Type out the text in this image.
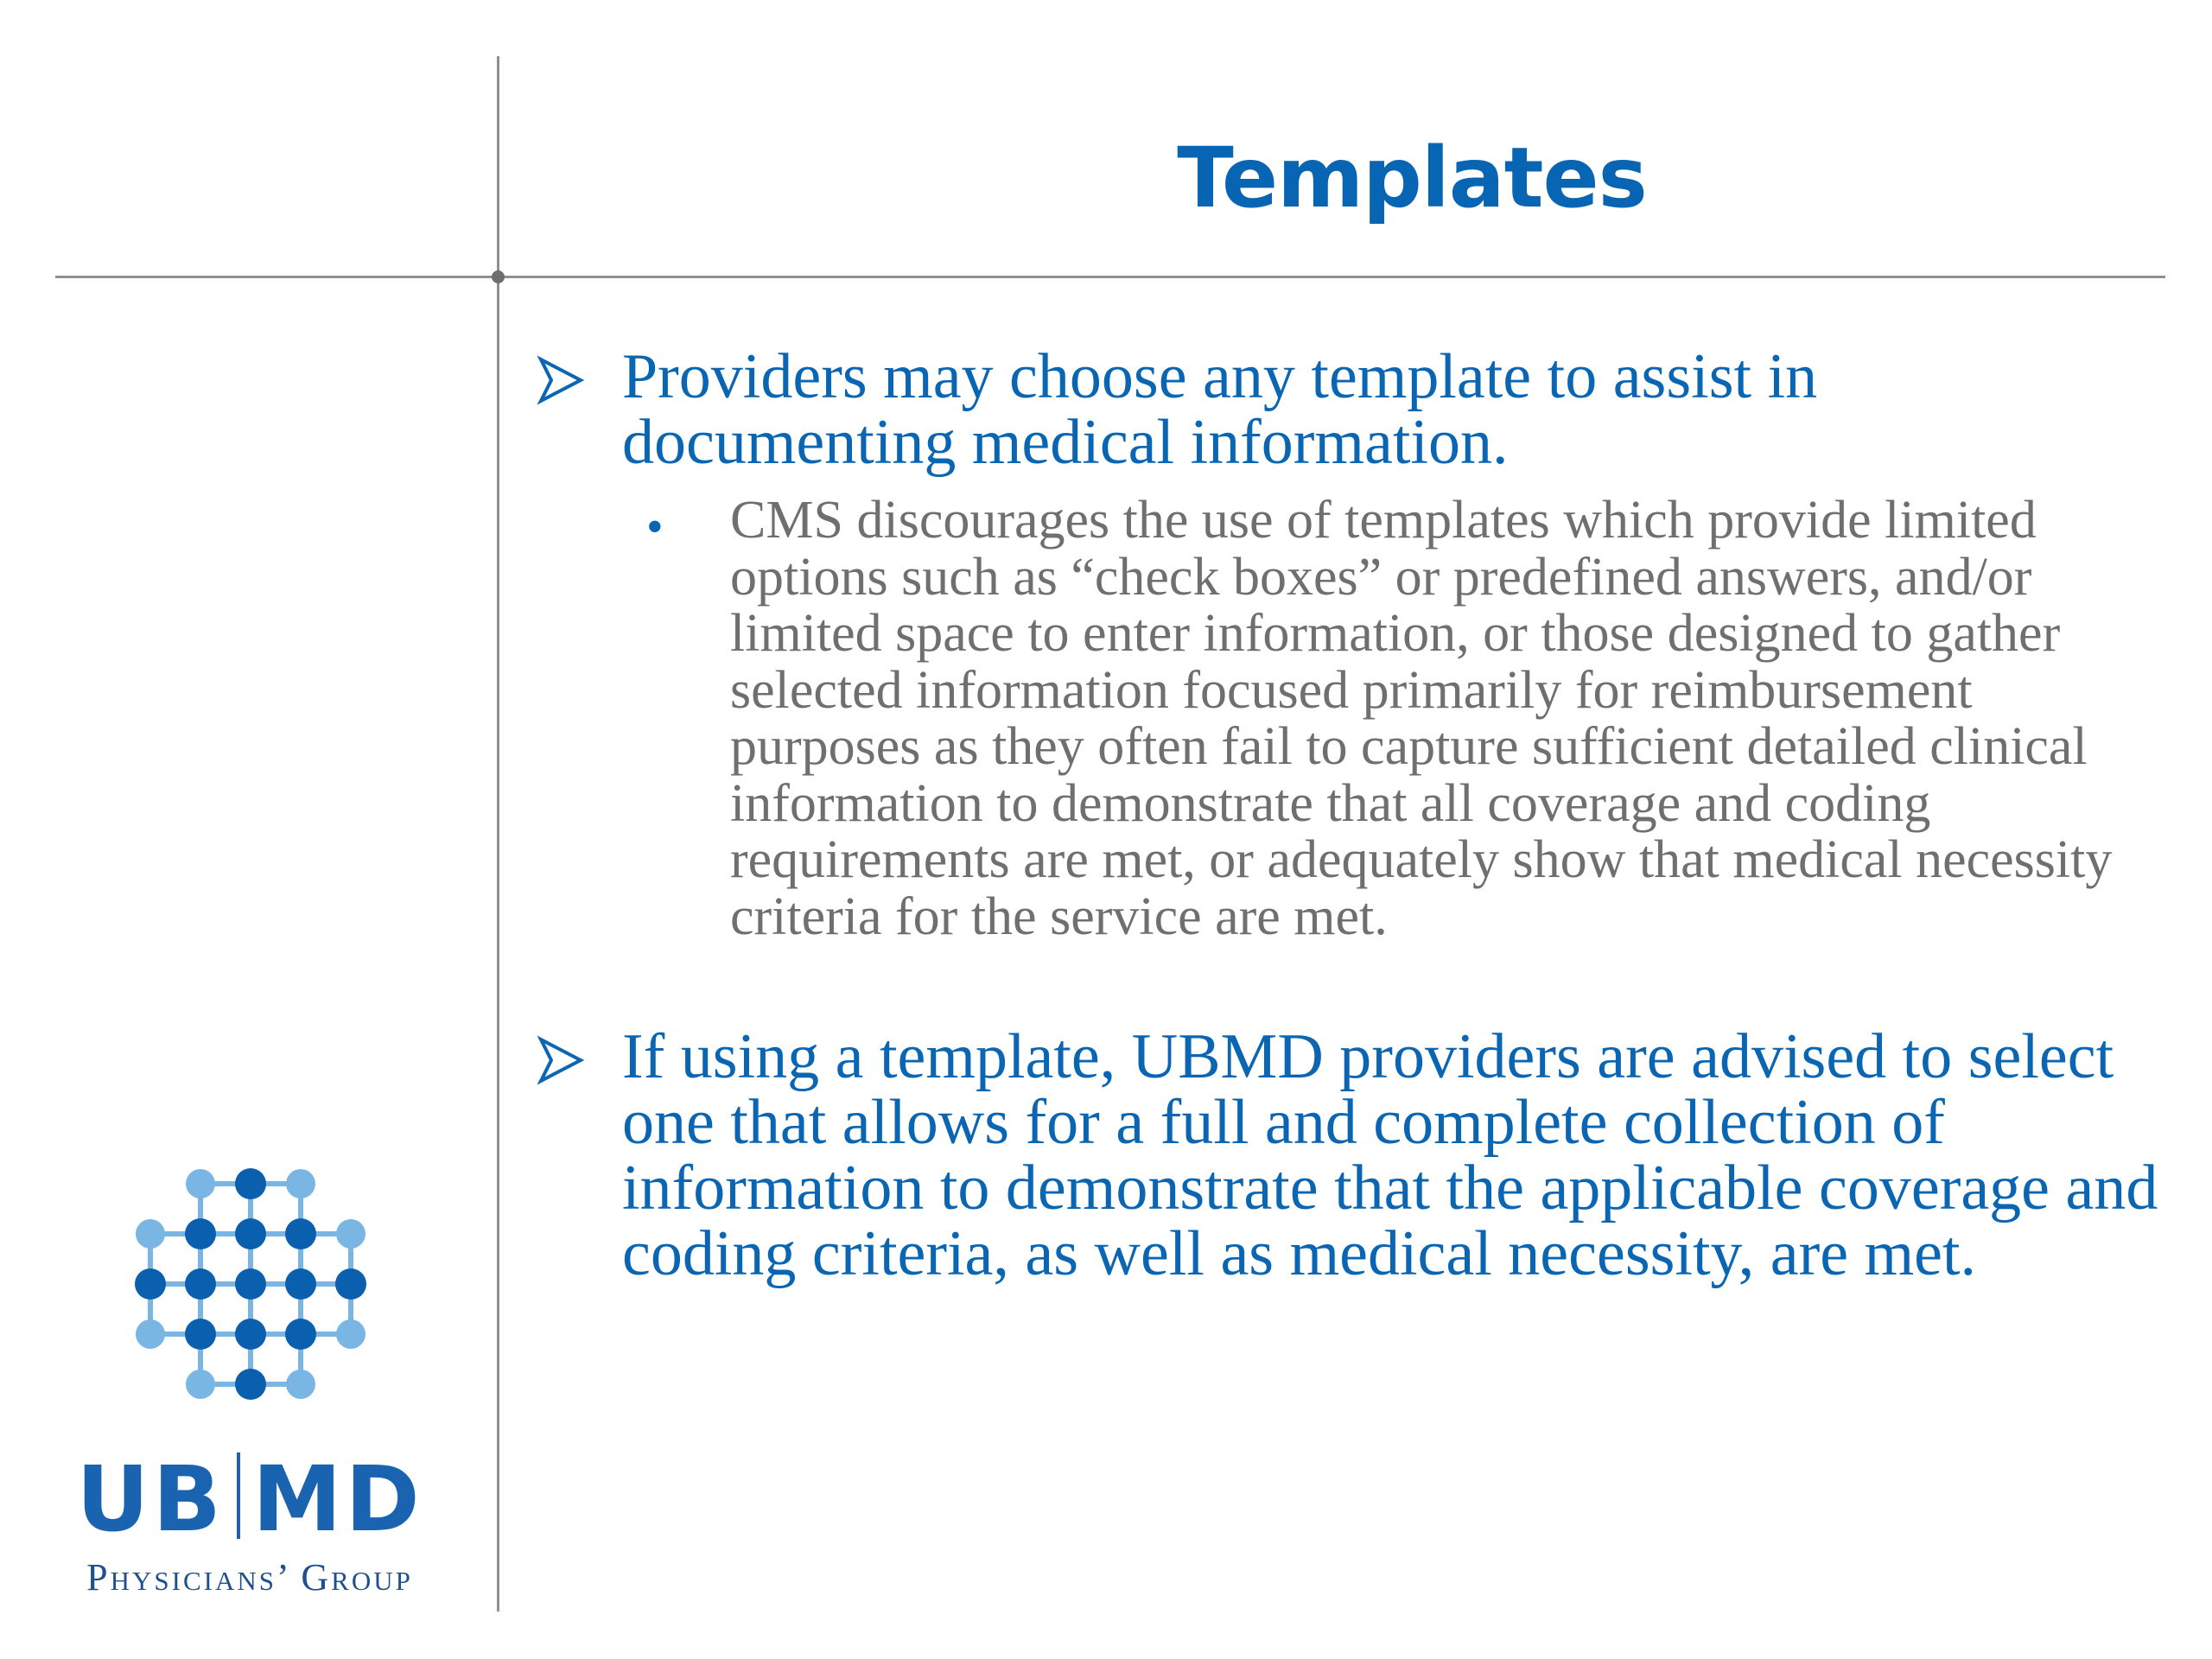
Templates
Providers may choose any template to assist in documenting medical information.
• CMS discourages the use of templates which provide limited options such as “check boxes” or predefined answers, and/or limited space to enter information, or those designed to gather selected information focused primarily for reimbursement purposes as they often fail to capture sufficient detailed clinical information to demonstrate that all coverage and coding requirements are met, or adequately show that medical necessity criteria for the service are met.
If using a template, UBMD providers are advised to select one that allows for a full and complete collection of information to demonstrate that the applicable coverage and coding criteria, as well as medical necessity, are met.
UB MD
Physicians’ Group
